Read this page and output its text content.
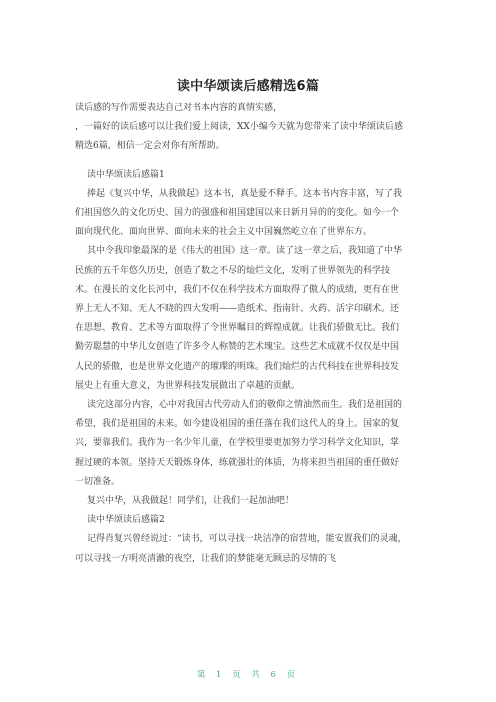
读中华颂读后感精选6篇

读后感的写作需要表达自己对书本内容的真情实感，

，一篇好的读后感可以让我们爱上阅读，XX小编今天就为您带来了读中华颂读后感精选6篇，相信一定会对你有所帮助。

读中华颂读后感篇1

捧起《复兴中华，从我做起》这本书，真是爱不释手。这本书内容丰富，写了我们祖国悠久的文化历史、国力的强盛和祖国建国以来日新月异的的变化。如今一个面向现代化、面向世界、面向未来的社会主义中国巍然屹立在了世界东方。

其中令我印象最深的是《伟大的祖国》这一章。读了这一章之后，我知道了中华民族的五千年悠久历史，创造了数之不尽的灿烂文化，发明了世界领先的科学技术。在漫长的文化长河中，我们不仅在科学技术方面取得了傲人的成绩，更有在世界上无人不知、无人不晓的四大发明——造纸术、指南针、火药、活字印刷术。还在思想、教育、艺术等方面取得了令世界瞩目的辉煌成就。让我们骄傲无比。我们勤劳聪慧的中华儿女创造了许多令人称赞的艺术瑰宝。这些艺术成就不仅仅是中国人民的骄傲，也是世界文化遗产的璀璨的明珠。我们灿烂的古代科技在世界科技发展史上有重大意义，为世界科技发展做出了卓越的贡献。

读完这部分内容，心中对我国古代劳动人们的敬仰之情油然而生。我们是祖国的希望，我们是祖国的未来。如今建设祖国的重任落在我们这代人的身上。国家的复兴，要靠我们。我作为一名少年儿童，在学校里要更加努力学习科学文化知识，掌握过硬的本领。坚持天天锻炼身体，练就强壮的体质，为将来担当祖国的重任做好一切准备。

复兴中华，从我做起！同学们，让我们一起加油吧！

读中华颂读后感篇2

记得肖复兴曾经说过：“读书，可以寻找一块洁净的宿营地，能安置我们的灵魂，可以寻找一方明亮清澈的夜空，让我们的梦能毫无顾忌的尽情的飞

第 1 页 共 6 页
